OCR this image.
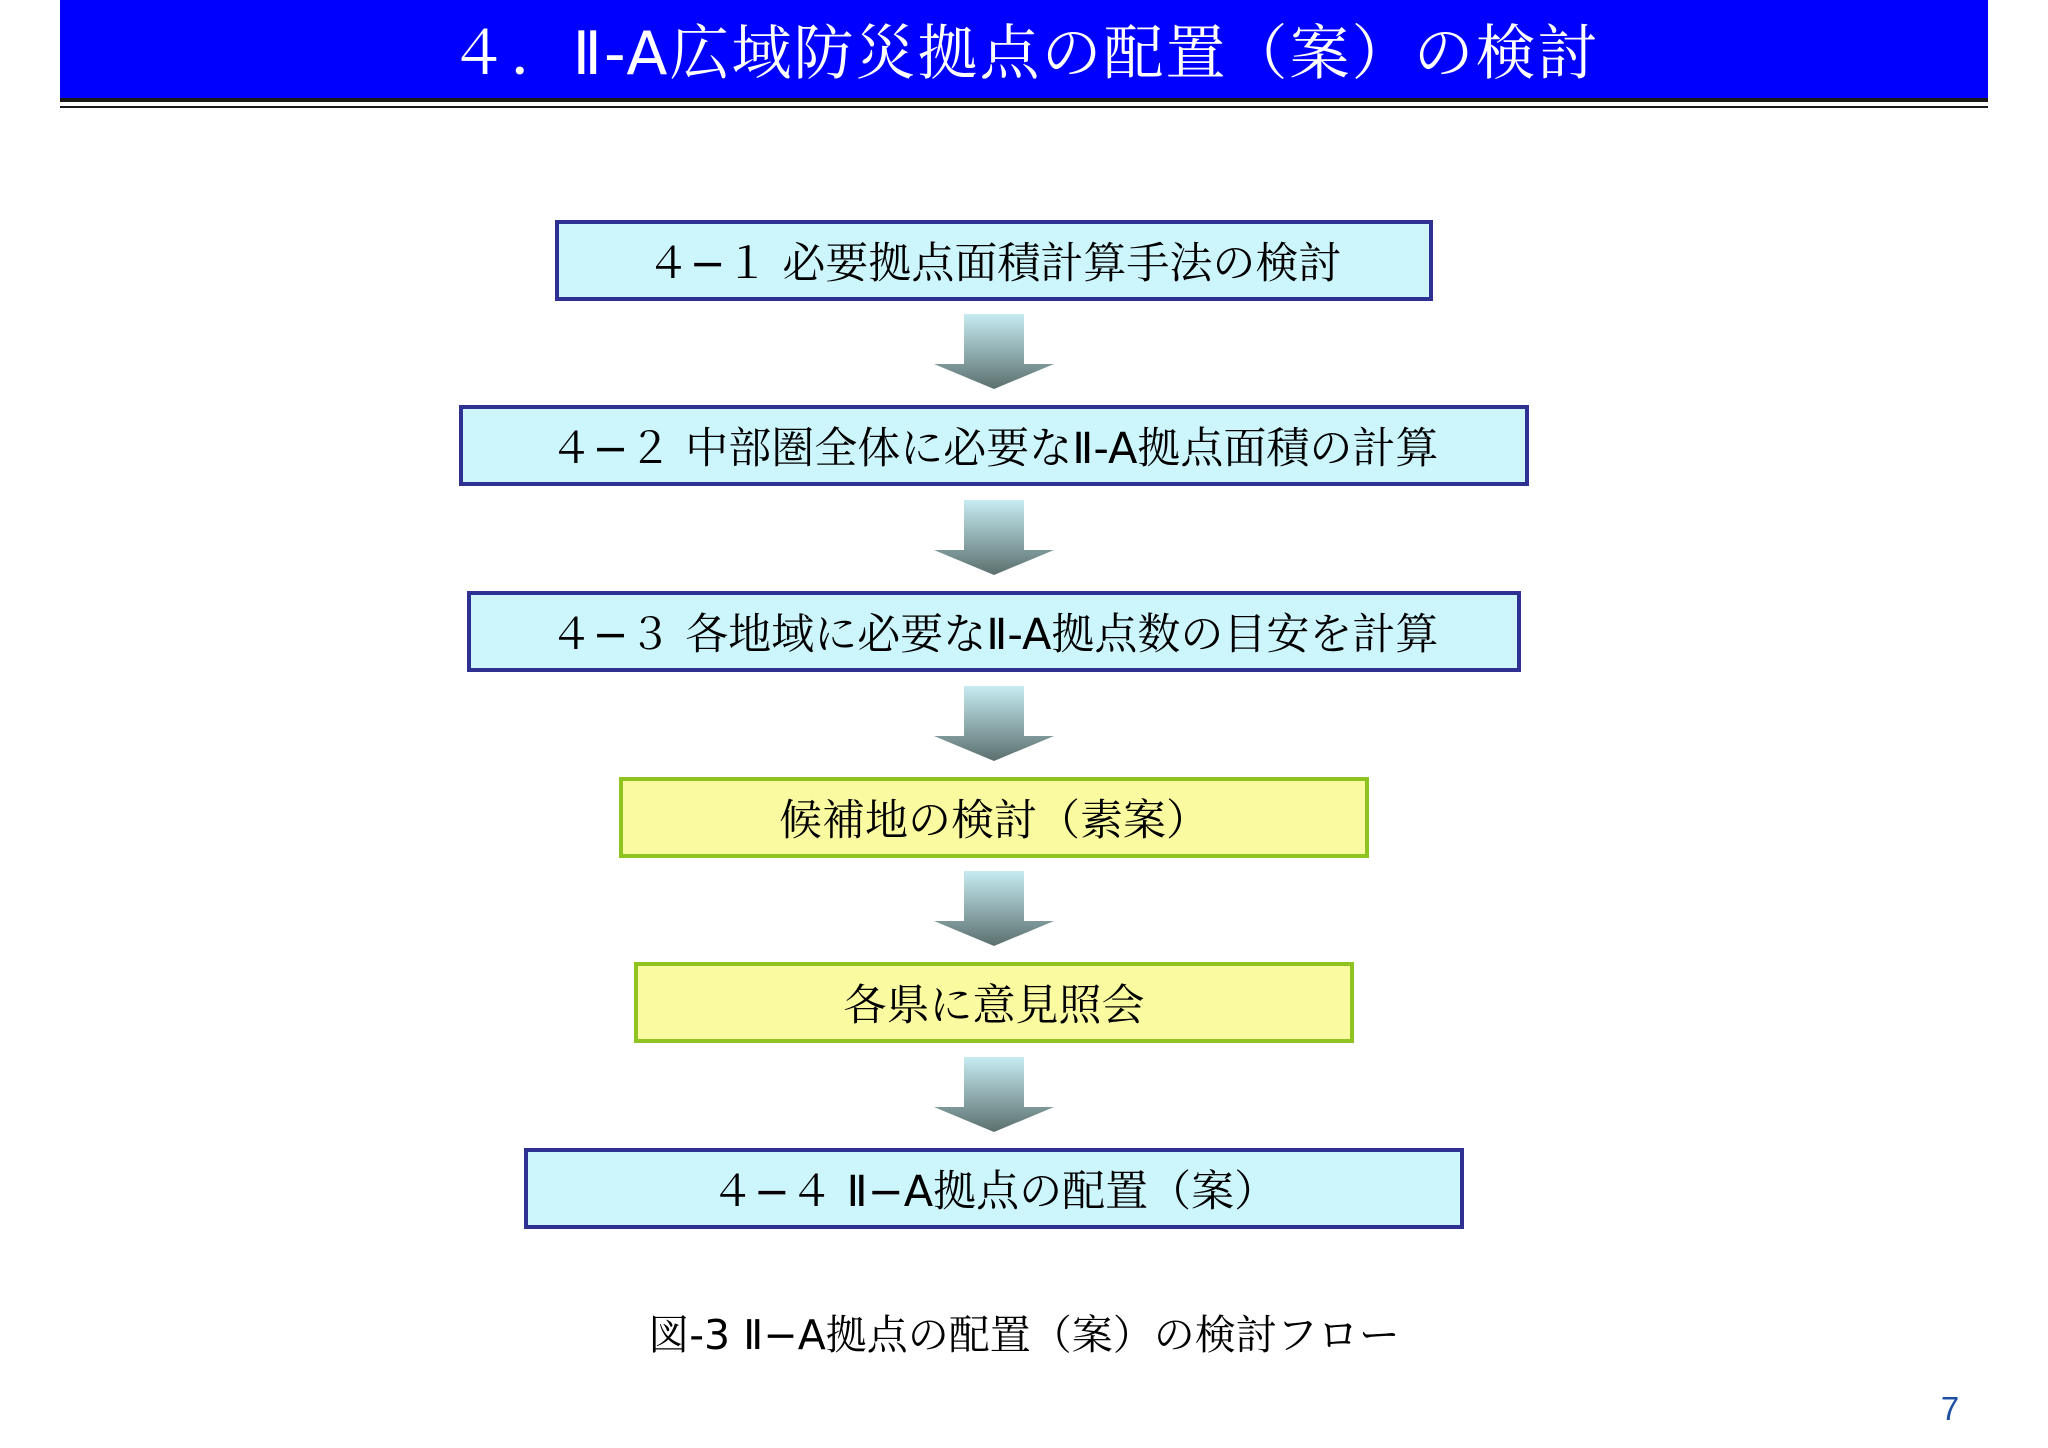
４．Ⅱ-A広域防災拠点の配置（案）の検討
４−１ 必要拠点面積計算手法の検討
４−２ 中部圏全体に必要なⅡ-A拠点面積の計算
４−３ 各地域に必要なⅡ-A拠点数の目安を計算
候補地の検討（素案）
各県に意見照会
４−４ Ⅱ−A拠点の配置（案）
図-3 Ⅱ−A拠点の配置（案）の検討フロー
7
